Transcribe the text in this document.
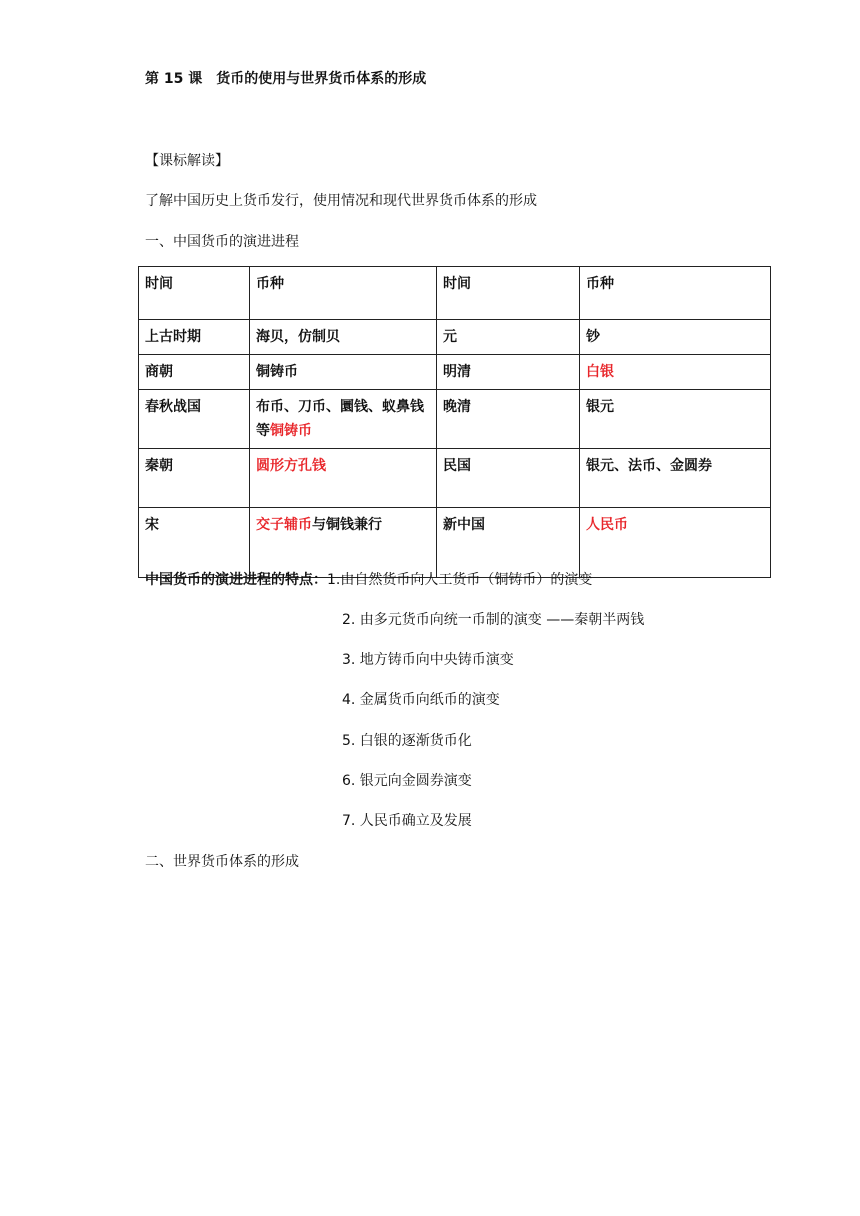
第 15 课 货币的使用与世界货币体系的形成
【课标解读】
了解中国历史上货币发行，使用情况和现代世界货币体系的形成
一、中国货币的演进进程
时间	币种	时间	币种
上古时期	海贝，仿制贝	元	钞
商朝	铜铸币	明清	白银
春秋战国	布币、刀币、圜钱、蚁鼻钱等铜铸币	晚清	银元
秦朝	圆形方孔钱	民国	银元、法币、金圆券
宋	交子辅币与铜钱兼行	新中国	人民币
中国货币的演进进程的特点：1.由自然货币向人工货币（铜铸币）的演变
2. 由多元货币向统一币制的演变 ——秦朝半两钱
3. 地方铸币向中央铸币演变
4. 金属货币向纸币的演变
5. 白银的逐渐货币化
6. 银元向金圆券演变
7. 人民币确立及发展
二、世界货币体系的形成
